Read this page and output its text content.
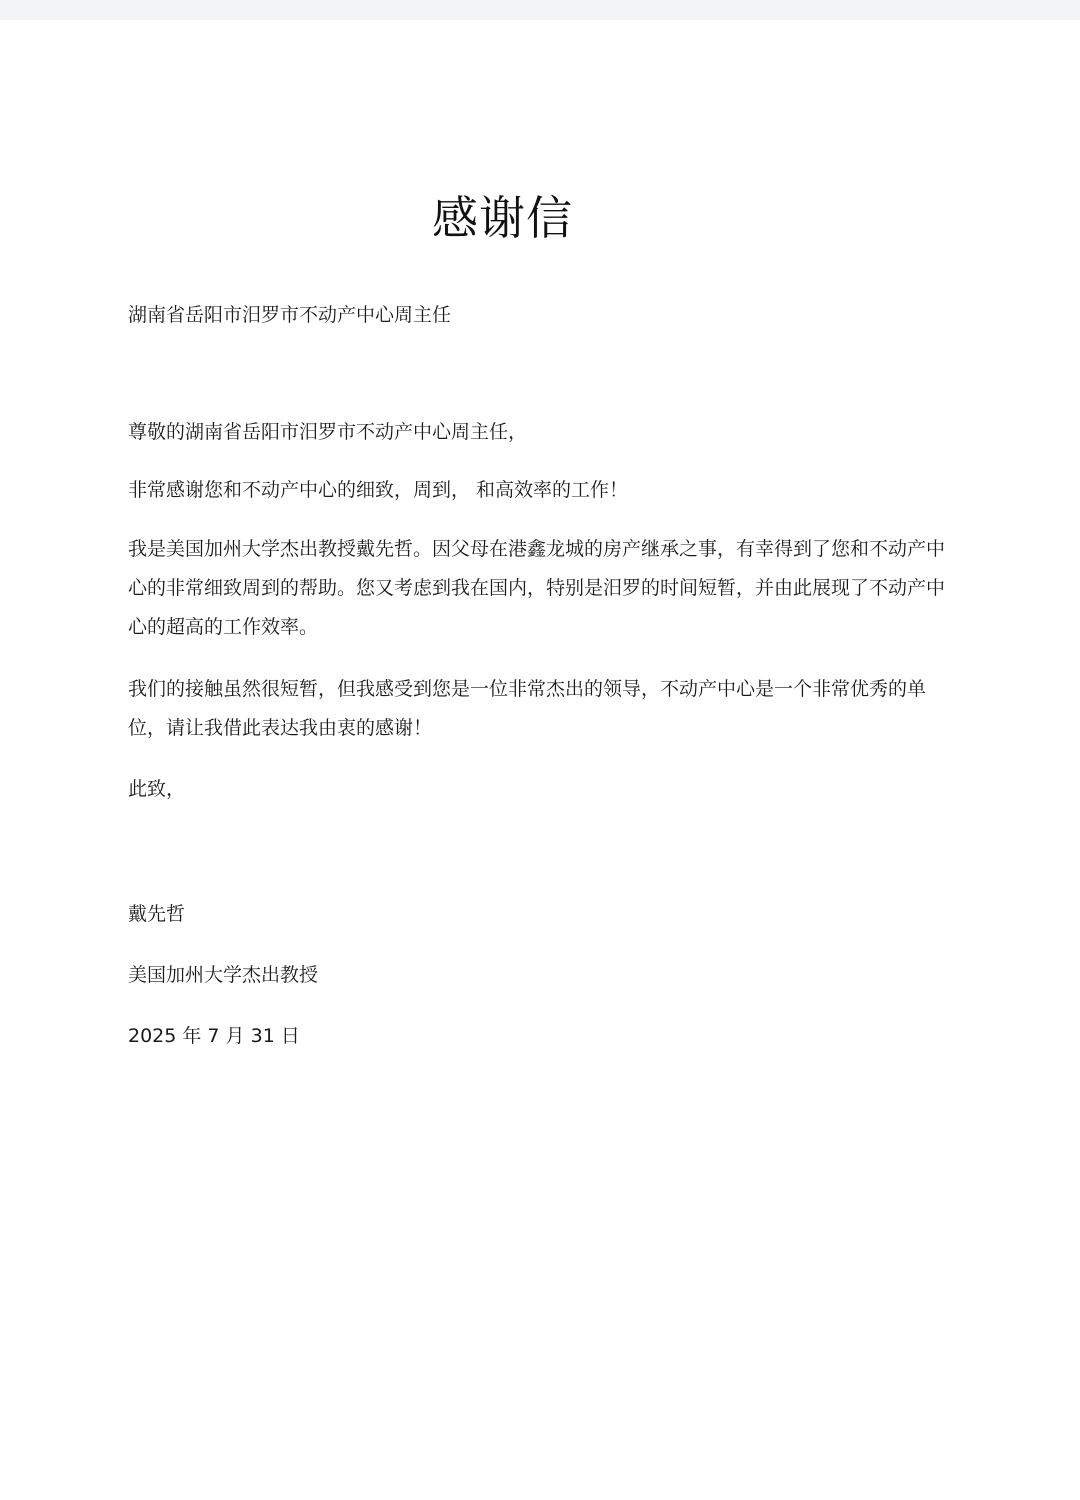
感谢信
湖南省岳阳市汨罗市不动产中心周主任
尊敬的湖南省岳阳市汨罗市不动产中心周主任，
非常感谢您和不动产中心的细致，周到， 和高效率的工作！
我是美国加州大学杰出教授戴先哲。因父母在港鑫龙城的房产继承之事，有幸得到了您和不动产中心的非常细致周到的帮助。您又考虑到我在国内，特别是汨罗的时间短暂，并由此展现了不动产中心的超高的工作效率。
我们的接触虽然很短暂，但我感受到您是一位非常杰出的领导，不动产中心是一个非常优秀的单位，请让我借此表达我由衷的感谢！
此致，
戴先哲
美国加州大学杰出教授
2025 年 7 月 31 日
